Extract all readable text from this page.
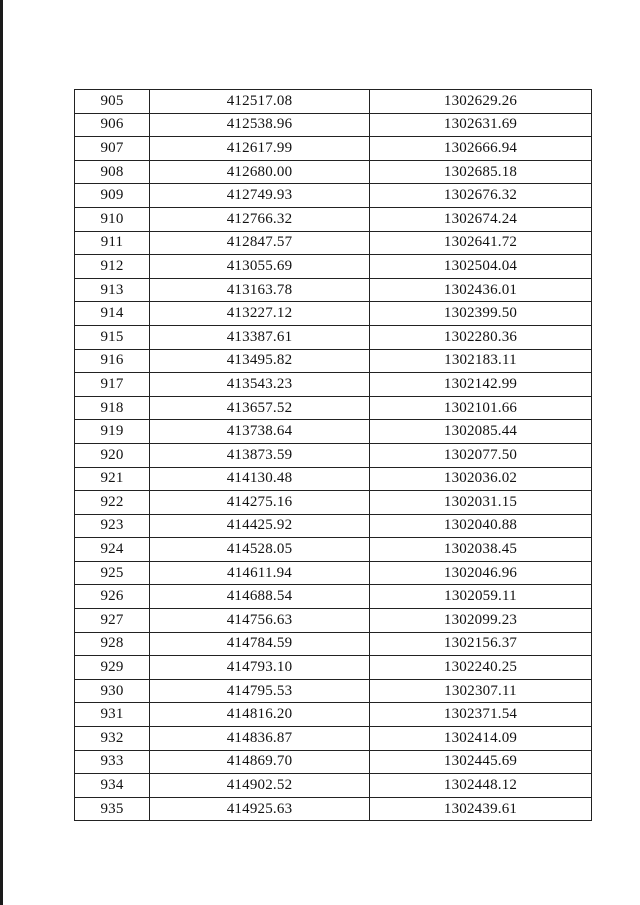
905	412517.08	1302629.26
906	412538.96	1302631.69
907	412617.99	1302666.94
908	412680.00	1302685.18
909	412749.93	1302676.32
910	412766.32	1302674.24
911	412847.57	1302641.72
912	413055.69	1302504.04
913	413163.78	1302436.01
914	413227.12	1302399.50
915	413387.61	1302280.36
916	413495.82	1302183.11
917	413543.23	1302142.99
918	413657.52	1302101.66
919	413738.64	1302085.44
920	413873.59	1302077.50
921	414130.48	1302036.02
922	414275.16	1302031.15
923	414425.92	1302040.88
924	414528.05	1302038.45
925	414611.94	1302046.96
926	414688.54	1302059.11
927	414756.63	1302099.23
928	414784.59	1302156.37
929	414793.10	1302240.25
930	414795.53	1302307.11
931	414816.20	1302371.54
932	414836.87	1302414.09
933	414869.70	1302445.69
934	414902.52	1302448.12
935	414925.63	1302439.61
